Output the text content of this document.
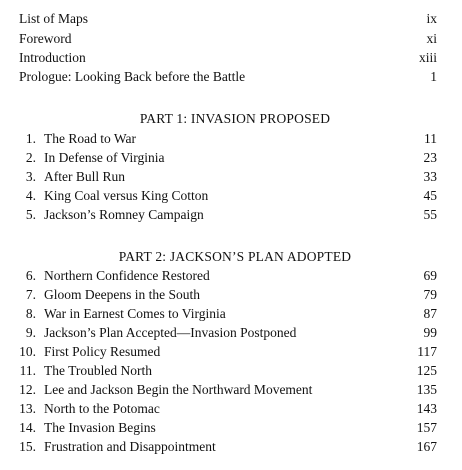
List of Maps	ix
Foreword	xi
Introduction	xiii
Prologue: Looking Back before the Battle	1
PART 1: INVASION PROPOSED
1. The Road to War	11
2. In Defense of Virginia	23
3. After Bull Run	33
4. King Coal versus King Cotton	45
5. Jackson’s Romney Campaign	55
PART 2: JACKSON’S PLAN ADOPTED
6. Northern Confidence Restored	69
7. Gloom Deepens in the South	79
8. War in Earnest Comes to Virginia	87
9. Jackson’s Plan Accepted—Invasion Postponed	99
10. First Policy Resumed	117
11. The Troubled North	125
12. Lee and Jackson Begin the Northward Movement	135
13. North to the Potomac	143
14. The Invasion Begins	157
15. Frustration and Disappointment	167
